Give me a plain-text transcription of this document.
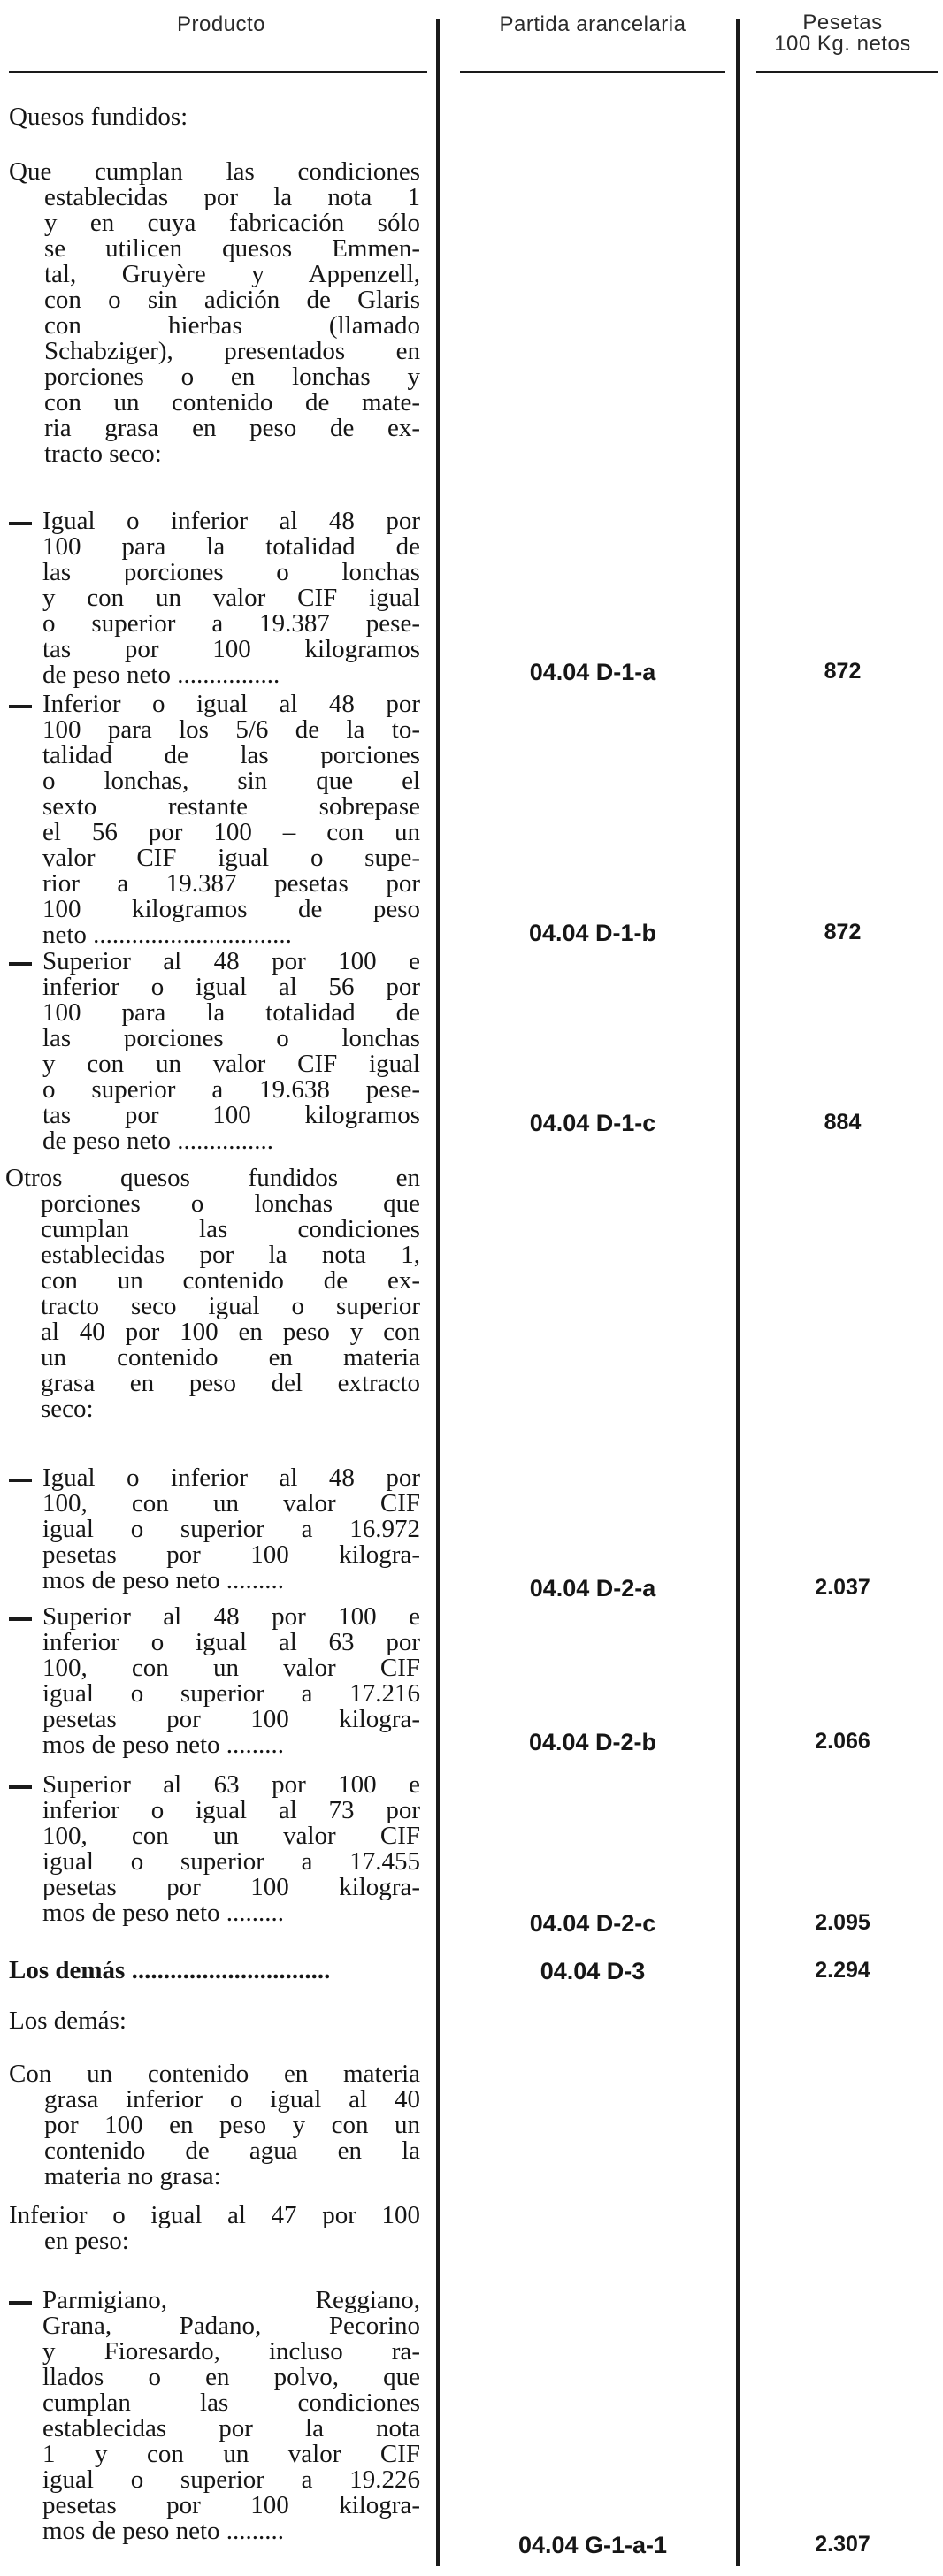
Producto	Partida arancelaria	Pesetas
100 Kg. netos
Quesos fundidos:
Que cumplan las condiciones
establecidas por la nota 1
y en cuya fabricación sólo
se utilicen quesos Emmen-
tal, Gruyère y Appenzell,
con o sin adición de Glaris
con hierbas (llamado
Schabziger), presentados en
porciones o en lonchas y
con un contenido de mate-
ria grasa en peso de ex-
tracto seco:
Igual o inferior al 48 por
100 para la totalidad de
las porciones o lonchas
y con un valor CIF igual
o superior a 19.387 pese-
tas por 100 kilogramos
de peso neto ................	04.04 D-1-a	872
Inferior o igual al 48 por
100 para los 5/6 de la to-
talidad de las porciones
o lonchas, sin que el
sexto restante sobrepase
el 56 por 100 – con un
valor CIF igual o supe-
rior a 19.387 pesetas por
100 kilogramos de peso
neto ...............................	04.04 D-1-b	872
Superior al 48 por 100 e
inferior o igual al 56 por
100 para la totalidad de
las porciones o lonchas
y con un valor CIF igual
o superior a 19.638 pese-
tas por 100 kilogramos
de peso neto ...............
04.04 D-1-c	884
Otros quesos fundidos en
porciones o lonchas que
cumplan las condiciones
establecidas por la nota 1,
con un contenido de ex-
tracto seco igual o superior
al 40 por 100 en peso y con
un contenido en materia
grasa en peso del extracto
seco:
Igual o inferior al 48 por
100, con un valor CIF
igual o superior a 16.972
pesetas por 100 kilogra-
mos de peso neto .........	04.04 D-2-a	2.037
Superior al 48 por 100 e
inferior o igual al 63 por
100, con un valor CIF
igual o superior a 17.216
pesetas por 100 kilogra-
mos de peso neto .........	04.04 D-2-b	2.066
Superior al 63 por 100 e
inferior o igual al 73 por
100, con un valor CIF
igual o superior a 17.455
pesetas por 100 kilogra-
mos de peso neto .........	04.04 D-2-c	2.095
Los demás ...............................	04.04 D-3	2.294
Los demás:
Con un contenido en materia
grasa inferior o igual al 40
por 100 en peso y con un
contenido de agua en la
materia no grasa:
Inferior o igual al 47 por 100
en peso:
Parmigiano, Reggiano,
Grana, Padano, Pecorino
y Fioresardo, incluso ra-
llados o en polvo, que
cumplan las condiciones
establecidas por la nota
1 y con un valor CIF
igual o superior a 19.226
pesetas por 100 kilogra-
mos de peso neto .........	04.04 G-1-a-1	2.307
